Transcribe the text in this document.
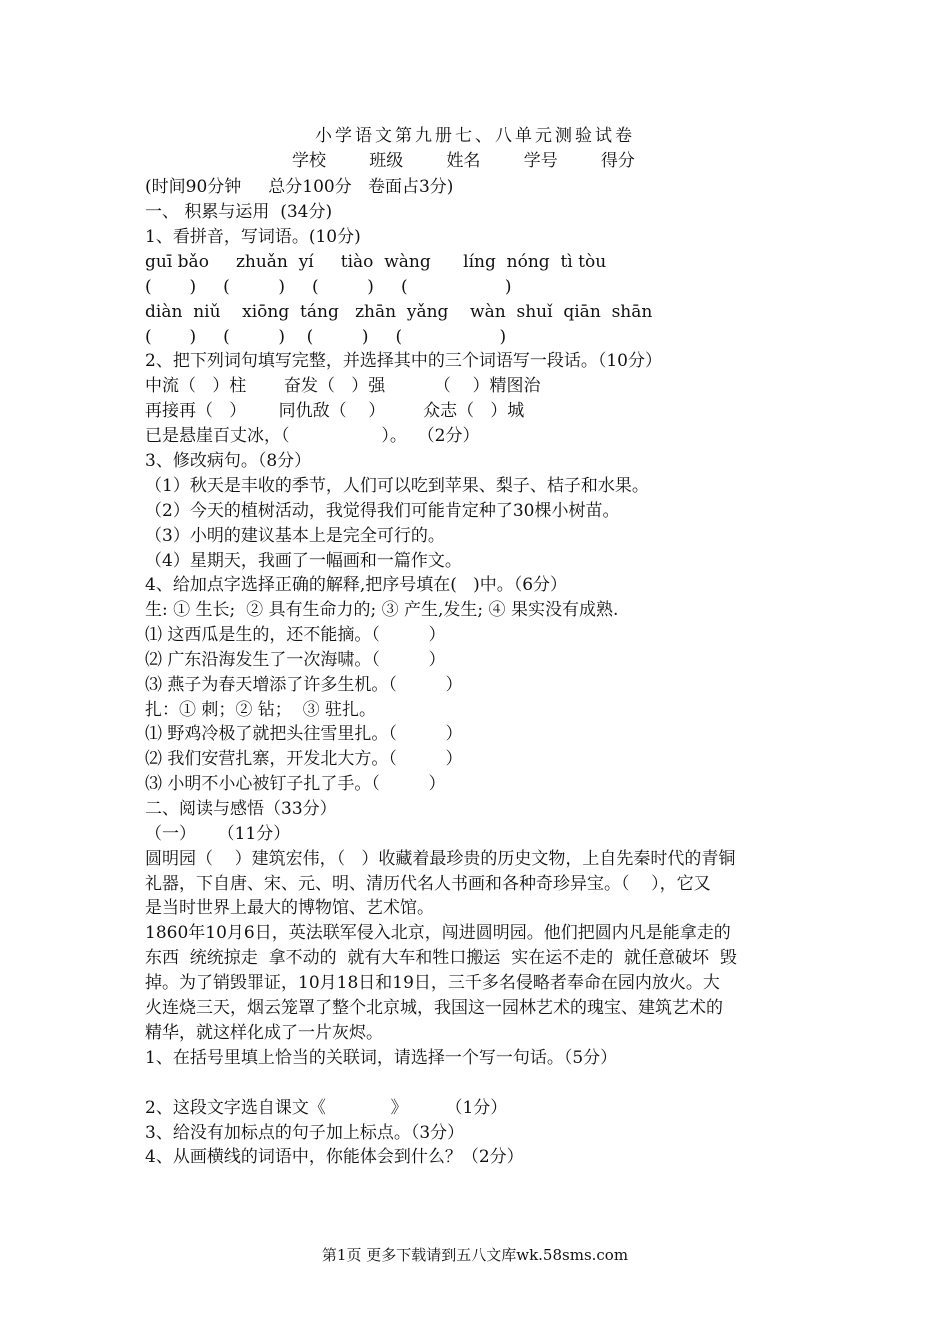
小学语文第九册七、八单元测验试卷
学校        班级        姓名        学号        得分
(时间90分钟     总分100分   卷面占3分)
一、 积累与运用  (34分)
1、看拼音，写词语。(10分)
guī bǎo     zhuǎn  yí     tiào  wàng      líng  nóng  tì tòu
(       )     (         )     (         )     (                  )
diàn  niǔ    xiōng  táng   zhān  yǎng    wàn  shuǐ  qiān  shān
(       )     (         )    (         )     (                  )
2、把下列词句填写完整，并选择其中的三个词语写一段话。（10分）
中流（   ）柱       奋发（   ）强         （    ）精图治
再接再（   ）      同仇敌（    ）       众志（   ）城
已是悬崖百丈冰，（                 ）。  （2分）
3、修改病句。（8分）
（1）秋天是丰收的季节，人们可以吃到苹果、梨子、桔子和水果。
（2）今天的植树活动，我觉得我们可能肯定种了30棵小树苗。
（3）小明的建议基本上是完全可行的。
（4）星期天，我画了一幅画和一篇作文。
4、给加点字选择正确的解释,把序号填在(   )中。（6分）
生: ① 生长;  ② 具有生命力的; ③ 产生,发生; ④ 果实没有成熟.
⑴ 这西瓜是生的，还不能摘。（         ）
⑵ 广东沿海发生了一次海啸。（         ）
⑶ 燕子为春天增添了许多生机。（         ）
扎：① 刺；② 钻；  ③ 驻扎。
⑴ 野鸡冷极了就把头往雪里扎。（         ）
⑵ 我们安营扎寨，开发北大方。（         ）
⑶ 小明不小心被钉子扎了手。（         ）
二、阅读与感悟（33分）
（一）    （11分）
圆明园（    ）建筑宏伟，（   ）收藏着最珍贵的历史文物，上自先秦时代的青铜
礼器，下自唐、宋、元、明、清历代名人书画和各种奇珍异宝。（    ），它又
是当时世界上最大的博物馆、艺术馆。
1860年10月6日，英法联军侵入北京，闯进圆明园。他们把圆内凡是能拿走的
东西  统统掠走  拿不动的  就有大车和牲口搬运  实在运不走的  就任意破坏  毁
掉。为了销毁罪证，10月18日和19日，三千多名侵略者奉命在园内放火。大
火连烧三天，烟云笼罩了整个北京城，我国这一园林艺术的瑰宝、建筑艺术的
精华，就这样化成了一片灰烬。
1、在括号里填上恰当的关联词，请选择一个写一句话。（5分）
2、这段文字选自课文《            》       （1分）
3、给没有加标点的句子加上标点。（3分）
4、从画横线的词语中，你能体会到什么？（2分）
第1页 更多下载请到五八文库wk.58sms.com
